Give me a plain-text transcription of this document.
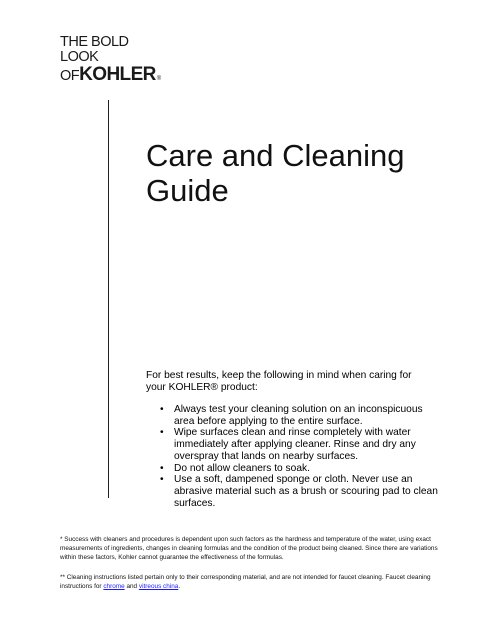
THE BOLD LOOK
OF KOHLER ®
Care and Cleaning
Guide
For best results, keep the following in mind when caring for your KOHLER® product:
• Always test your cleaning solution on an inconspicuous area before applying to the entire surface.
• Wipe surfaces clean and rinse completely with water immediately after applying cleaner. Rinse and dry any overspray that lands on nearby surfaces.
• Do not allow cleaners to soak.
• Use a soft, dampened sponge or cloth. Never use an abrasive material such as a brush or scouring pad to clean surfaces.
* Success with cleaners and procedures is dependent upon such factors as the hardness and temperature of the water, using exact measurements of ingredients, changes in cleaning formulas and the condition of the product being cleaned. Since there are variations within these factors, Kohler cannot guarantee the effectiveness of the formulas.
** Cleaning instructions listed pertain only to their corresponding material, and are not intended for faucet cleaning. Faucet cleaning instructions for chrome and vitreous china.
